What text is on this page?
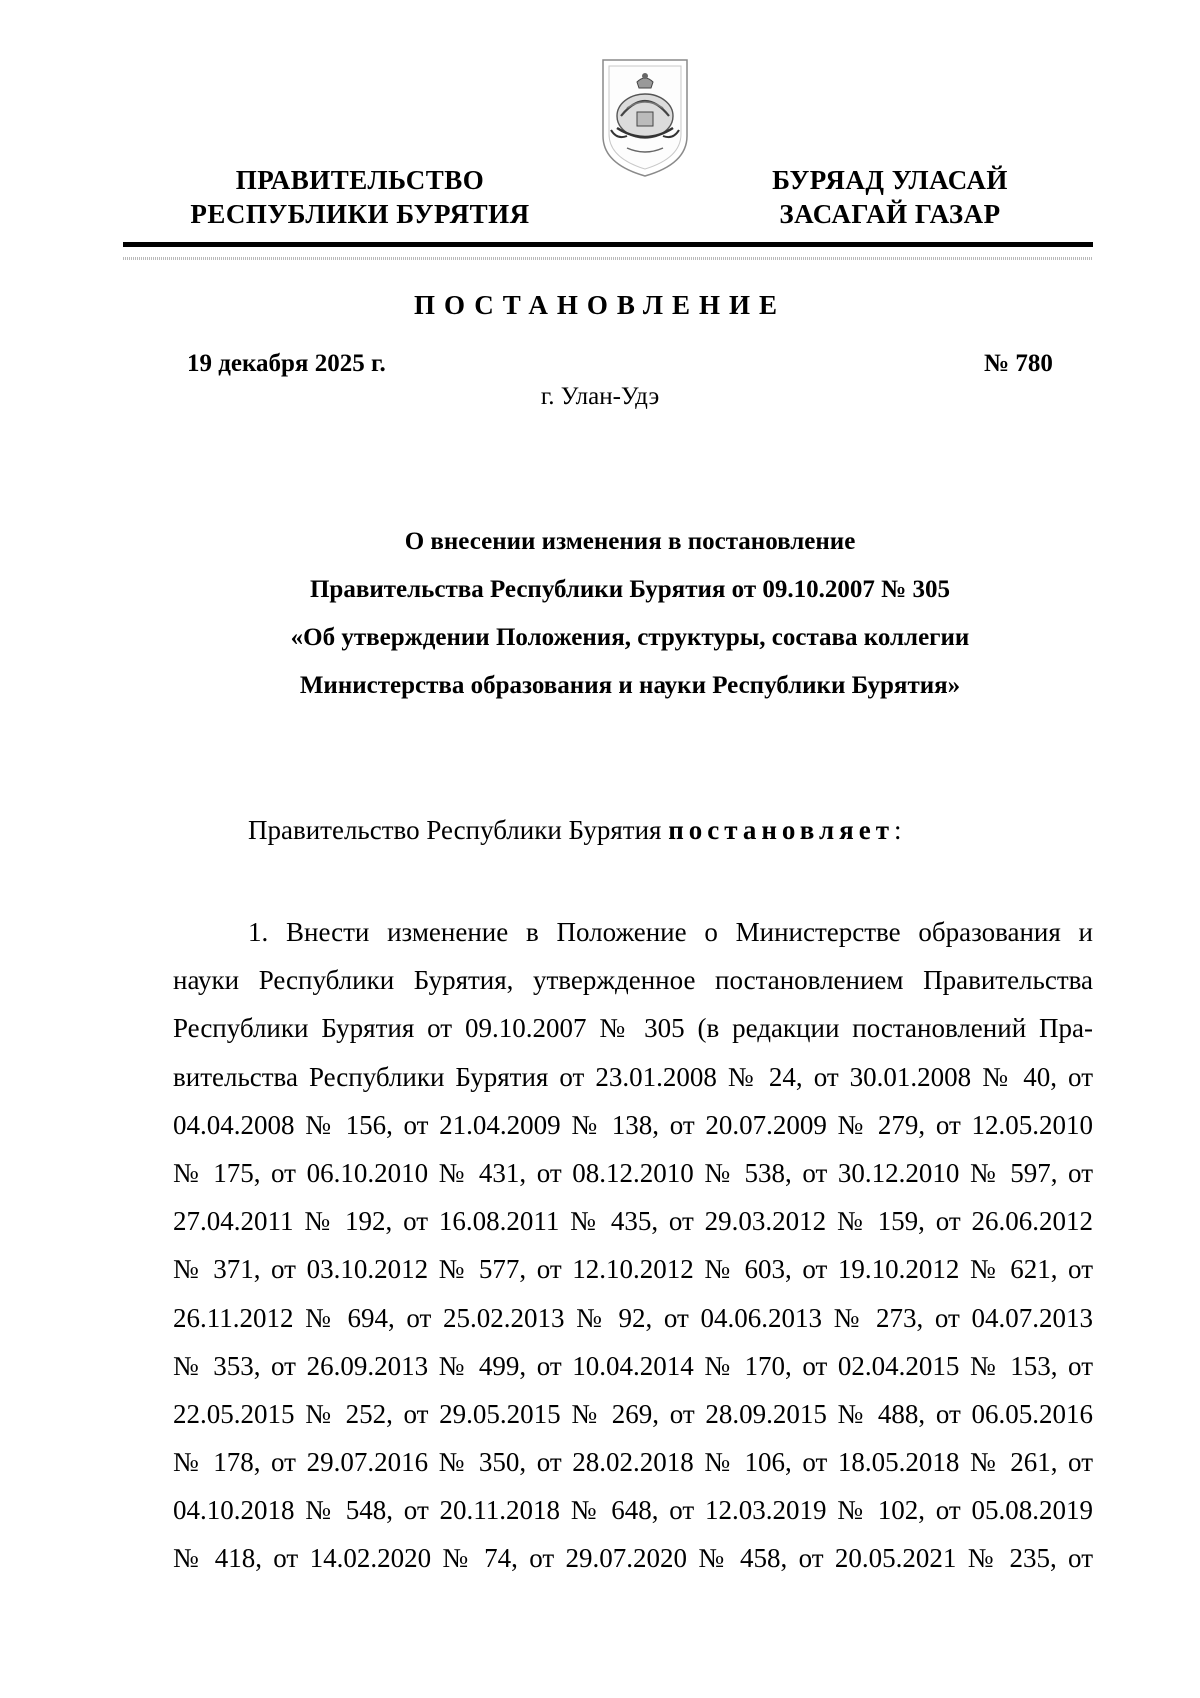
ПРАВИТЕЛЬСТВО
РЕСПУБЛИКИ БУРЯТИЯ
БУРЯАД УЛАСАЙ
ЗАСАГАЙ ГАЗАР
ПОСТАНОВЛЕНИЕ
19 декабря 2025 г.	№ 780
г. Улан-Удэ
О внесении изменения в постановление
Правительства Республики Бурятия от 09.10.2007 № 305
«Об утверждении Положения, структуры, состава коллегии
Министерства образования и науки Республики Бурятия»
Правительство Республики Бурятия постановляет:
1. Внести изменение в Положение о Министерстве образования и
науки Республики Бурятия, утвержденное постановлением Правительства
Республики Бурятия от 09.10.2007 № 305 (в редакции постановлений Пра-
вительства Республики Бурятия от 23.01.2008 № 24, от 30.01.2008 № 40, от
04.04.2008 № 156, от 21.04.2009 № 138, от 20.07.2009 № 279, от 12.05.2010
№ 175, от 06.10.2010 № 431, от 08.12.2010 № 538, от 30.12.2010 № 597, от
27.04.2011 № 192, от 16.08.2011 № 435, от 29.03.2012 № 159, от 26.06.2012
№ 371, от 03.10.2012 № 577, от 12.10.2012 № 603, от 19.10.2012 № 621, от
26.11.2012 № 694, от 25.02.2013 № 92, от 04.06.2013 № 273, от 04.07.2013
№ 353, от 26.09.2013 № 499, от 10.04.2014 № 170, от 02.04.2015 № 153, от
22.05.2015 № 252, от 29.05.2015 № 269, от 28.09.2015 № 488, от 06.05.2016
№ 178, от 29.07.2016 № 350, от 28.02.2018 № 106, от 18.05.2018 № 261, от
04.10.2018 № 548, от 20.11.2018 № 648, от 12.03.2019 № 102, от 05.08.2019
№ 418, от 14.02.2020 № 74, от 29.07.2020 № 458, от 20.05.2021 № 235, от
